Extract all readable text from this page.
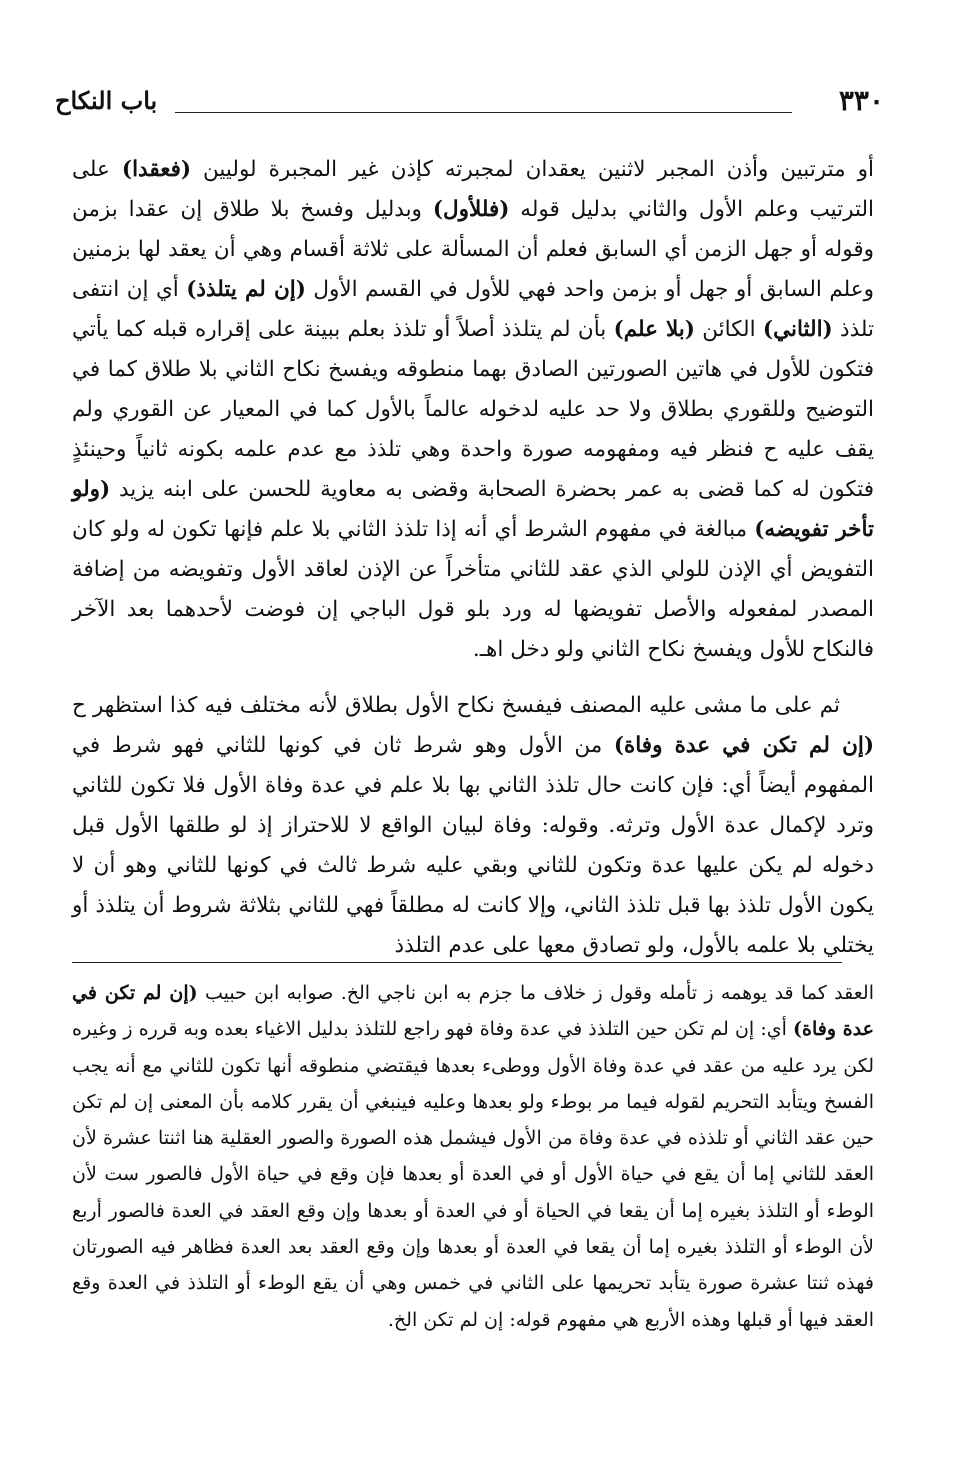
٣٣٠
باب النكاح

أو مترتبين وأذن المجبر لاثنين يعقدان لمجبرته كإذن غير المجبرة لوليين (فعقدا) على الترتيب وعلم الأول والثاني بدليل قوله (فللأول) وبدليل وفسخ بلا طلاق إن عقدا بزمن وقوله أو جهل الزمن أي السابق فعلم أن المسألة على ثلاثة أقسام وهي أن يعقد لها بزمنين وعلم السابق أو جهل أو بزمن واحد فهي للأول في القسم الأول (إن لم يتلذذ) أي إن انتفى تلذذ (الثاني) الكائن (بلا علم) بأن لم يتلذذ أصلاً أو تلذذ بعلم ببينة على إقراره قبله كما يأتي فتكون للأول في هاتين الصورتين الصادق بهما منطوقه ويفسخ نكاح الثاني بلا طلاق كما في التوضيح وللقوري بطلاق ولا حد عليه لدخوله عالماً بالأول كما في المعيار عن القوري ولم يقف عليه ح فنظر فيه ومفهومه صورة واحدة وهي تلذذ مع عدم علمه بكونه ثانياً وحينئذٍ فتكون له كما قضى به عمر بحضرة الصحابة وقضى به معاوية للحسن على ابنه يزيد (ولو تأخر تفويضه) مبالغة في مفهوم الشرط أي أنه إذا تلذذ الثاني بلا علم فإنها تكون له ولو كان التفويض أي الإذن للولي الذي عقد للثاني متأخراً عن الإذن لعاقد الأول وتفويضه من إضافة المصدر لمفعوله والأصل تفويضها له ورد بلو قول الباجي إن فوضت لأحدهما بعد الآخر فالنكاح للأول ويفسخ نكاح الثاني ولو دخل اهـ.

ثم على ما مشى عليه المصنف فيفسخ نكاح الأول بطلاق لأنه مختلف فيه كذا استظهر ح (إن لم تكن في عدة وفاة) من الأول وهو شرط ثان في كونها للثاني فهو شرط في المفهوم أيضاً أي: فإن كانت حال تلذذ الثاني بها بلا علم في عدة وفاة الأول فلا تكون للثاني وترد لإكمال عدة الأول وترثه. وقوله: وفاة لبيان الواقع لا للاحتراز إذ لو طلقها الأول قبل دخوله لم يكن عليها عدة وتكون للثاني وبقي عليه شرط ثالث في كونها للثاني وهو أن لا يكون الأول تلذذ بها قبل تلذذ الثاني، وإلا كانت له مطلقاً فهي للثاني بثلاثة شروط أن يتلذذ أو يختلي بلا علمه بالأول، ولو تصادق معها على عدم التلذذ

العقد كما قد يوهمه ز تأمله وقول ز خلاف ما جزم به ابن ناجي الخ. صوابه ابن حبيب (إن لم تكن في عدة وفاة) أي: إن لم تكن حين التلذذ في عدة وفاة فهو راجع للتلذذ بدليل الاغياء بعده وبه قرره ز وغيره لكن يرد عليه من عقد في عدة وفاة الأول ووطىء بعدها فيقتضي منطوقه أنها تكون للثاني مع أنه يجب الفسخ ويتأبد التحريم لقوله فيما مر بوطء ولو بعدها وعليه فينبغي أن يقرر كلامه بأن المعنى إن لم تكن حين عقد الثاني أو تلذذه في عدة وفاة من الأول فيشمل هذه الصورة والصور العقلية هنا اثنتا عشرة لأن العقد للثاني إما أن يقع في حياة الأول أو في العدة أو بعدها فإن وقع في حياة الأول فالصور ست لأن الوطء أو التلذذ بغيره إما أن يقعا في الحياة أو في العدة أو بعدها وإن وقع العقد في العدة فالصور أربع لأن الوطء أو التلذذ بغيره إما أن يقعا في العدة أو بعدها وإن وقع العقد بعد العدة فظاهر فيه الصورتان فهذه ثنتا عشرة صورة يتأبد تحريمها على الثاني في خمس وهي أن يقع الوطء أو التلذذ في العدة وقع العقد فيها أو قبلها وهذه الأربع هي مفهوم قوله: إن لم تكن الخ.
